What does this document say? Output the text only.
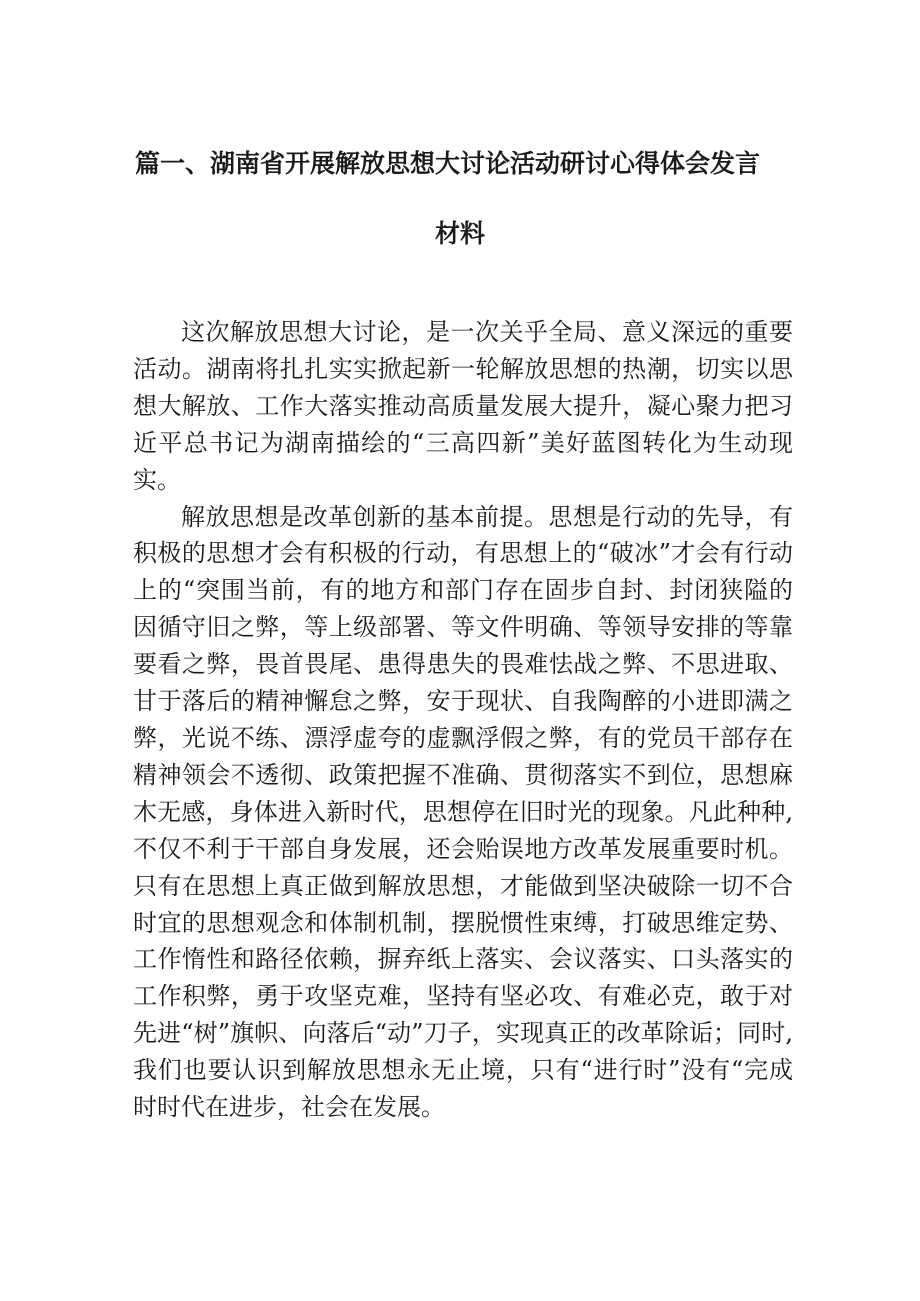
篇一、湖南省开展解放思想大讨论活动研讨心得体会发言
材料

这次解放思想大讨论，是一次关乎全局、意义深远的重要活动。湖南将扎扎实实掀起新一轮解放思想的热潮，切实以思想大解放、工作大落实推动高质量发展大提升，凝心聚力把习近平总书记为湖南描绘的“三高四新”美好蓝图转化为生动现实。

解放思想是改革创新的基本前提。思想是行动的先导，有积极的思想才会有积极的行动，有思想上的“破冰”才会有行动上的“突围当前，有的地方和部门存在固步自封、封闭狭隘的因循守旧之弊，等上级部署、等文件明确、等领导安排的等靠要看之弊，畏首畏尾、患得患失的畏难怯战之弊、不思进取、甘于落后的精神懈怠之弊，安于现状、自我陶醉的小进即满之弊，光说不练、漂浮虚夸的虚飘浮假之弊，有的党员干部存在精神领会不透彻、政策把握不准确、贯彻落实不到位，思想麻木无感，身体进入新时代，思想停在旧时光的现象。凡此种种,不仅不利于干部自身发展，还会贻误地方改革发展重要时机。只有在思想上真正做到解放思想，才能做到坚决破除一切不合时宜的思想观念和体制机制，摆脱惯性束缚，打破思维定势、工作惰性和路径依赖，摒弃纸上落实、会议落实、口头落实的工作积弊，勇于攻坚克难，坚持有坚必攻、有难必克，敢于对先进“树”旗帜、向落后“动”刀子，实现真正的改革除诟；同时,我们也要认识到解放思想永无止境，只有“进行时”没有“完成时时代在进步，社会在发展。
